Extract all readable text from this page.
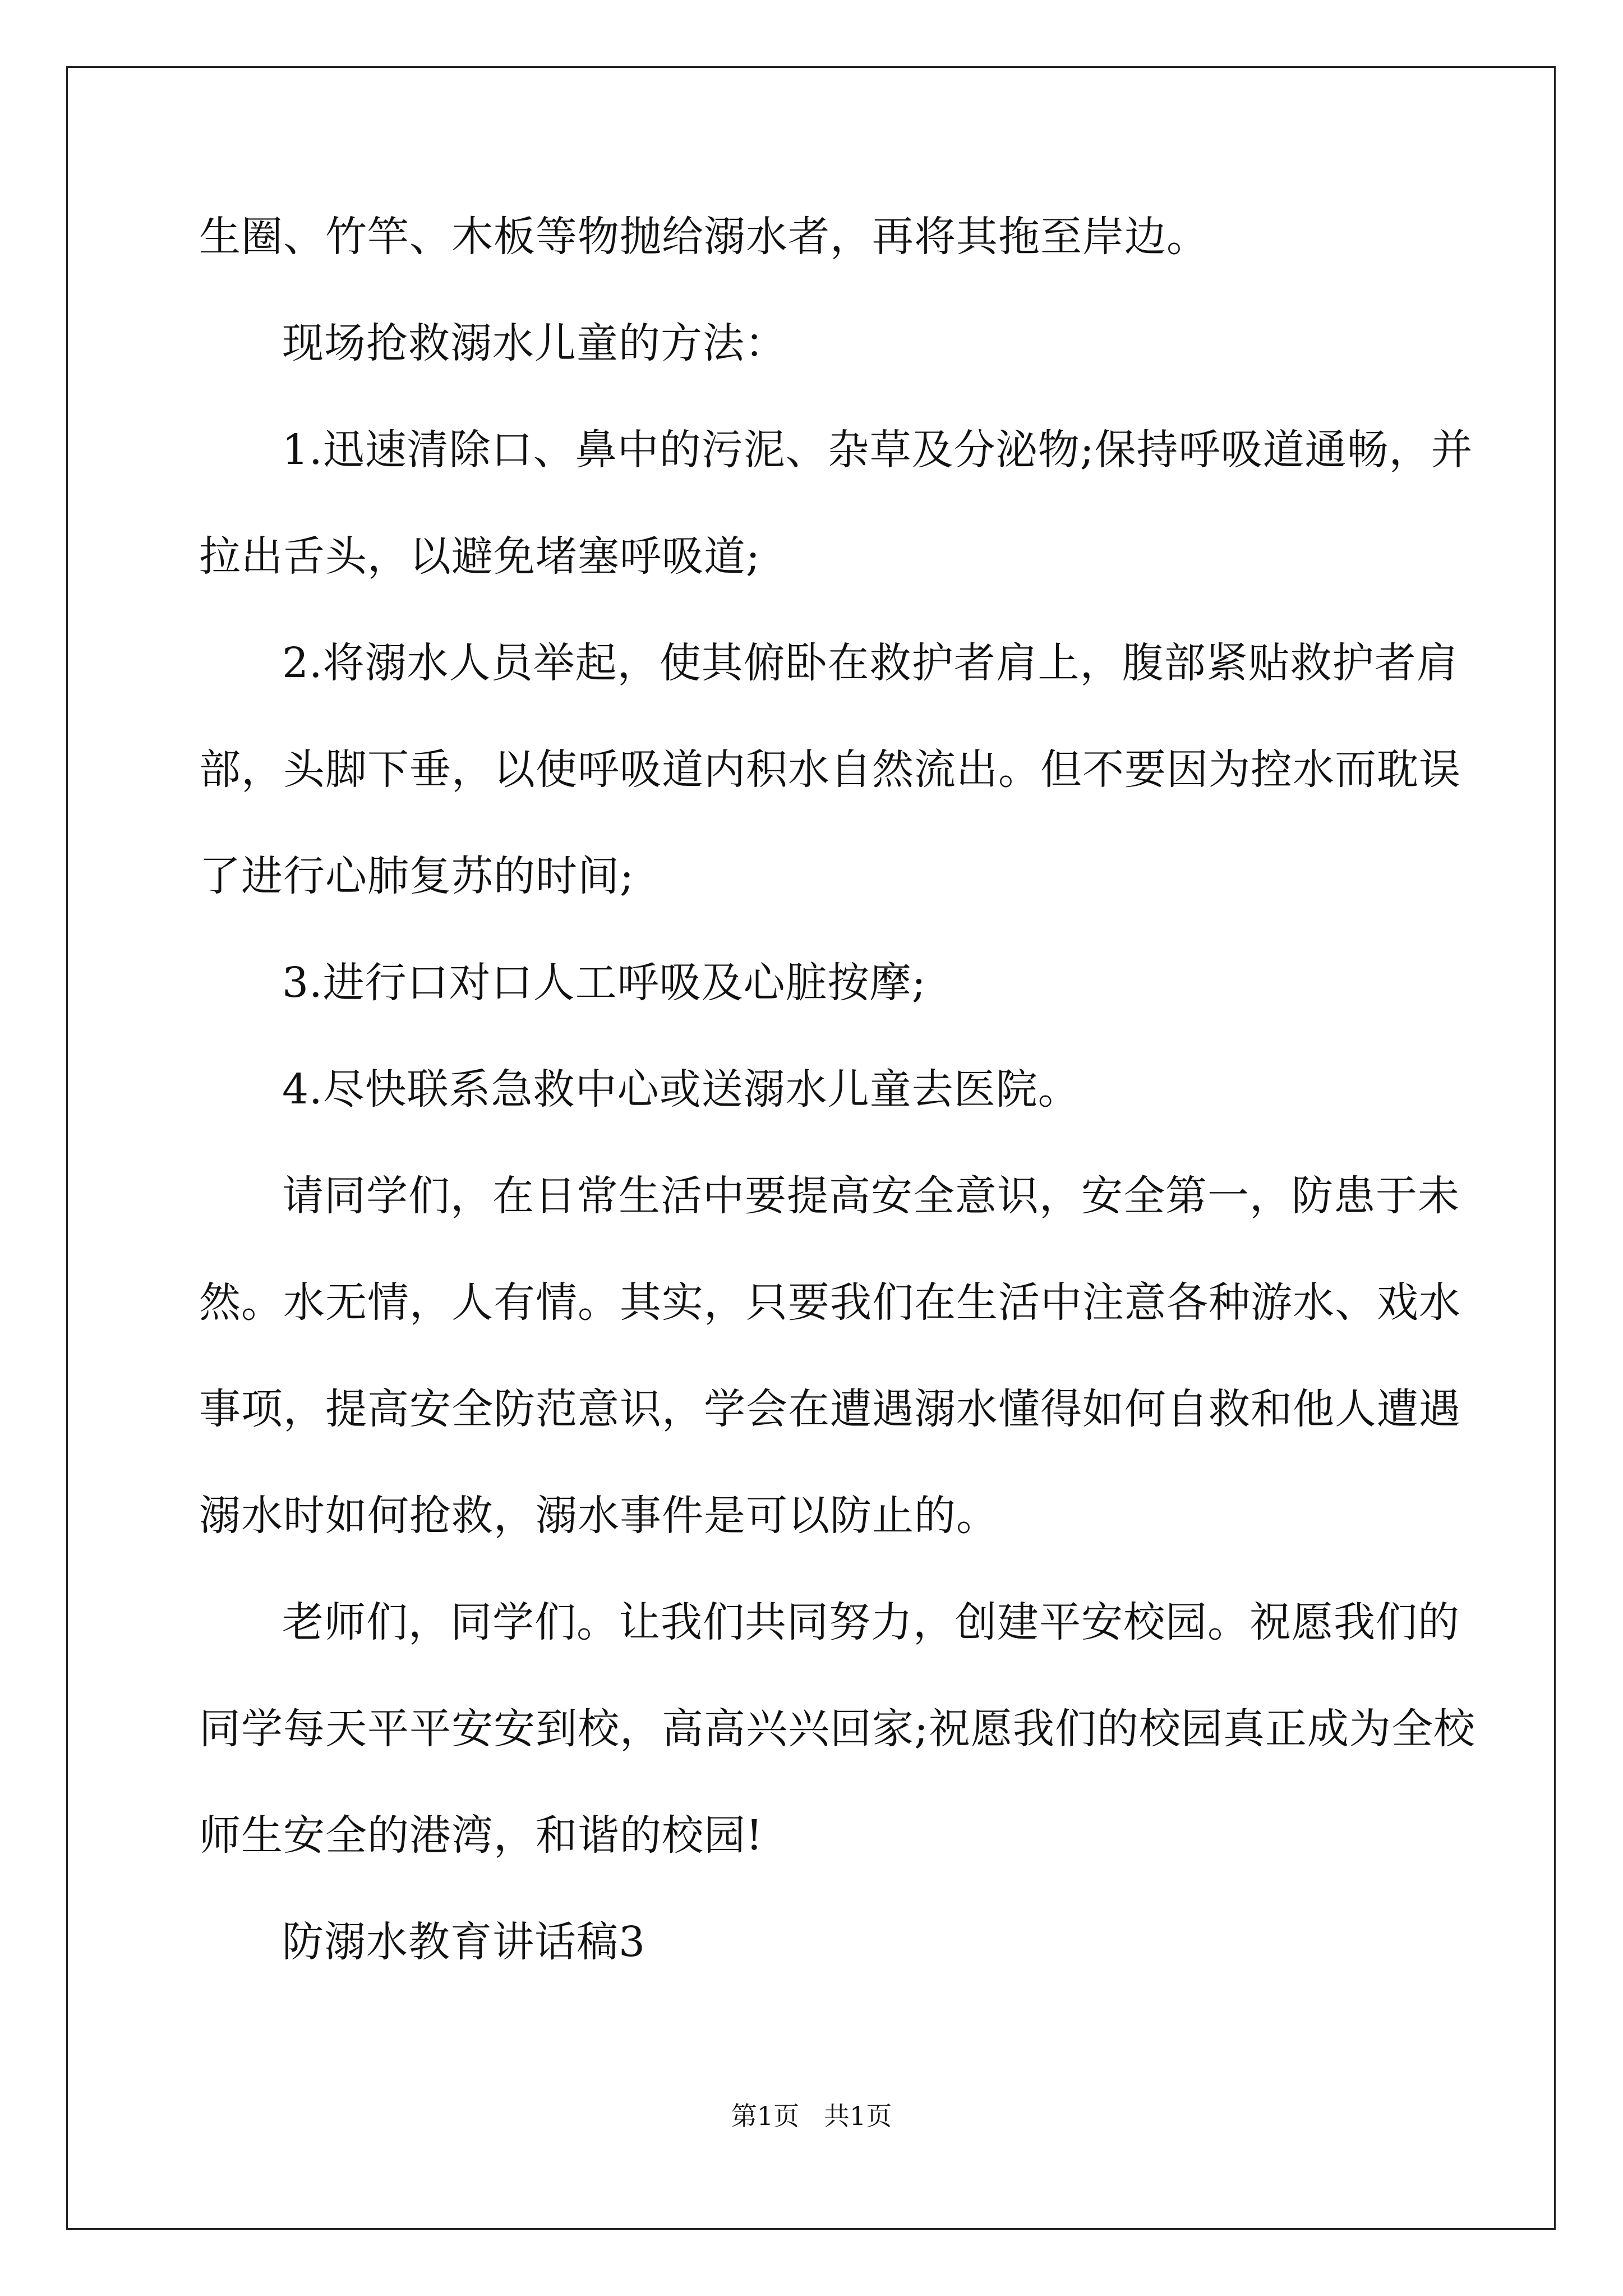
生圈、竹竿、木板等物抛给溺水者，再将其拖至岸边。
现场抢救溺水儿童的方法：
1.迅速清除口、鼻中的污泥、杂草及分泌物;保持呼吸道通畅，并
拉出舌头，以避免堵塞呼吸道;
2.将溺水人员举起，使其俯卧在救护者肩上，腹部紧贴救护者肩
部，头脚下垂，以使呼吸道内积水自然流出。但不要因为控水而耽误
了进行心肺复苏的时间;
3.进行口对口人工呼吸及心脏按摩;
4.尽快联系急救中心或送溺水儿童去医院。
请同学们，在日常生活中要提高安全意识，安全第一，防患于未
然。水无情，人有情。其实，只要我们在生活中注意各种游水、戏水
事项，提高安全防范意识，学会在遭遇溺水懂得如何自救和他人遭遇
溺水时如何抢救，溺水事件是可以防止的。
老师们，同学们。让我们共同努力，创建平安校园。祝愿我们的
同学每天平平安安到校，高高兴兴回家;祝愿我们的校园真正成为全校
师生安全的港湾，和谐的校园!
防溺水教育讲话稿3
第1页   共1页
